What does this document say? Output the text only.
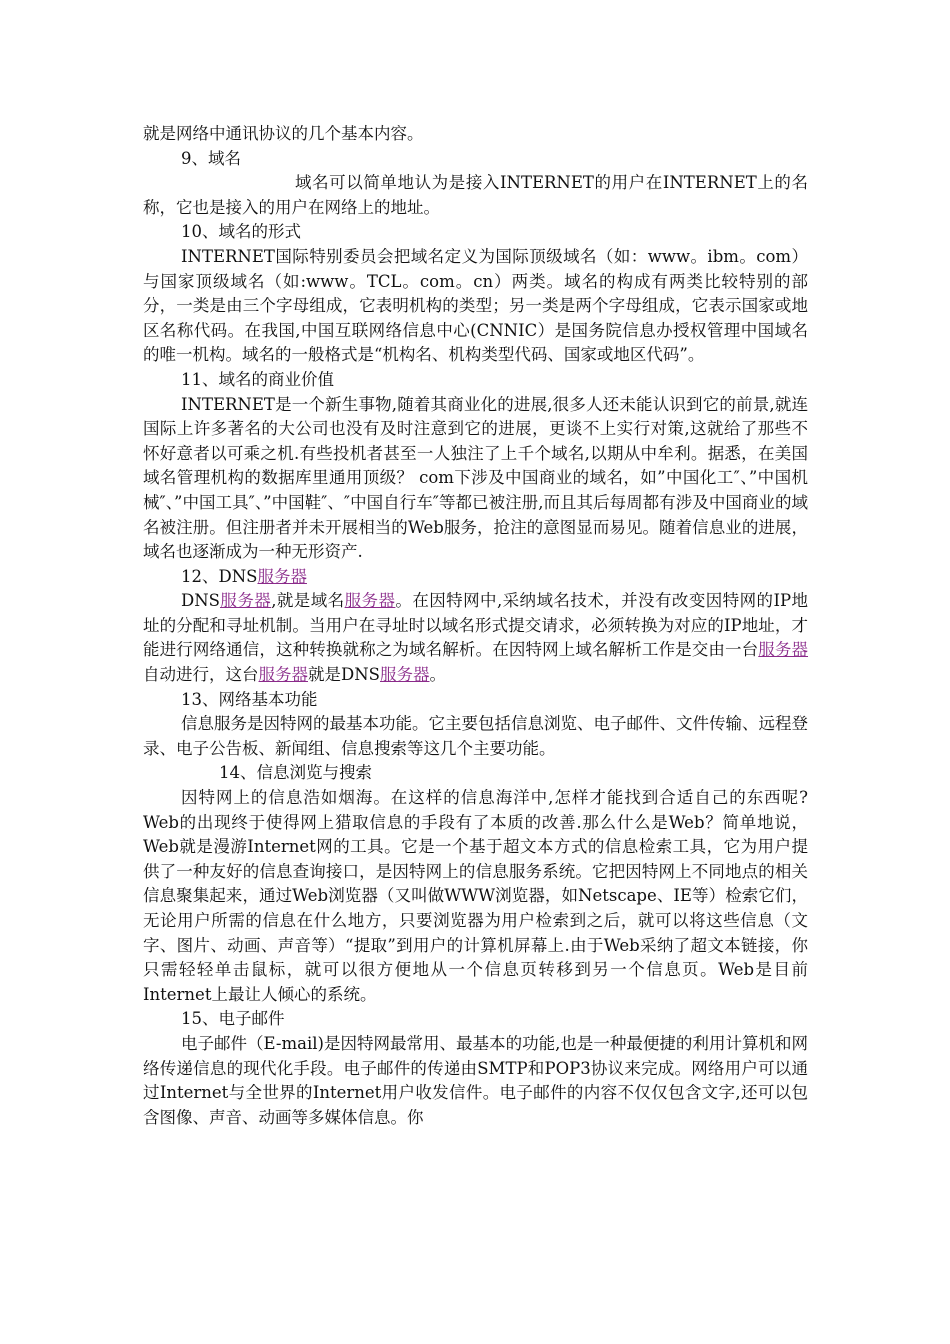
就是网络中通讯协议的几个基本内容。

9、域名

域名可以简单地认为是接入INTERNET的用户在INTERNET上的名称，它也是接入的用户在网络上的地址。

10、域名的形式

INTERNET国际特别委员会把域名定义为国际顶级域名（如：www。ibm。com）与国家顶级域名（如:www。TCL。com。cn）两类。域名的构成有两类比较特别的部分，一类是由三个字母组成，它表明机构的类型；另一类是两个字母组成，它表示国家或地区名称代码。在我国,中国互联网络信息中心(CNNIC）是国务院信息办授权管理中国域名的唯一机构。域名的一般格式是“机构名、机构类型代码、国家或地区代码”。

11、域名的商业价值

INTERNET是一个新生事物,随着其商业化的进展,很多人还未能认识到它的前景,就连国际上许多著名的大公司也没有及时注意到它的进展，更谈不上实行对策,这就给了那些不怀好意者以可乘之机.有些投机者甚至一人独注了上千个域名,以期从中牟利。据悉，在美国域名管理机构的数据库里通用顶级？ com下涉及中国商业的域名，如”中国化工″、”中国机械″、”中国工具″、”中国鞋″、″中国自行车″等都已被注册,而且其后每周都有涉及中国商业的域名被注册。但注册者并未开展相当的Web服务，抢注的意图显而易见。随着信息业的进展，域名也逐渐成为一种无形资产.

12、DNS服务器

DNS服务器,就是域名服务器。在因特网中,采纳域名技术，并没有改变因特网的IP地址的分配和寻址机制。当用户在寻址时以域名形式提交请求，必须转换为对应的IP地址，才能进行网络通信，这种转换就称之为域名解析。在因特网上域名解析工作是交由一台服务器自动进行，这台服务器就是DNS服务器。

13、网络基本功能

信息服务是因特网的最基本功能。它主要包括信息浏览、电子邮件、文件传输、远程登录、电子公告板、新闻组、信息搜索等这几个主要功能。

14、信息浏览与搜索

因特网上的信息浩如烟海。在这样的信息海洋中,怎样才能找到合适自己的东西呢?Web的出现终于使得网上猎取信息的手段有了本质的改善.那么什么是Web？简单地说，Web就是漫游Internet网的工具。它是一个基于超文本方式的信息检索工具，它为用户提供了一种友好的信息查询接口，是因特网上的信息服务系统。它把因特网上不同地点的相关信息聚集起来，通过Web浏览器（又叫做WWW浏览器，如Netscape、IE等）检索它们，无论用户所需的信息在什么地方，只要浏览器为用户检索到之后，就可以将这些信息（文字、图片、动画、声音等）“提取”到用户的计算机屏幕上.由于Web采纳了超文本链接，你只需轻轻单击鼠标，就可以很方便地从一个信息页转移到另一个信息页。Web是目前Internet上最让人倾心的系统。

15、电子邮件

电子邮件（E-mail)是因特网最常用、最基本的功能,也是一种最便捷的利用计算机和网络传递信息的现代化手段。电子邮件的传递由SMTP和POP3协议来完成。网络用户可以通过Internet与全世界的Internet用户收发信件。电子邮件的内容不仅仅包含文字,还可以包含图像、声音、动画等多媒体信息。你
